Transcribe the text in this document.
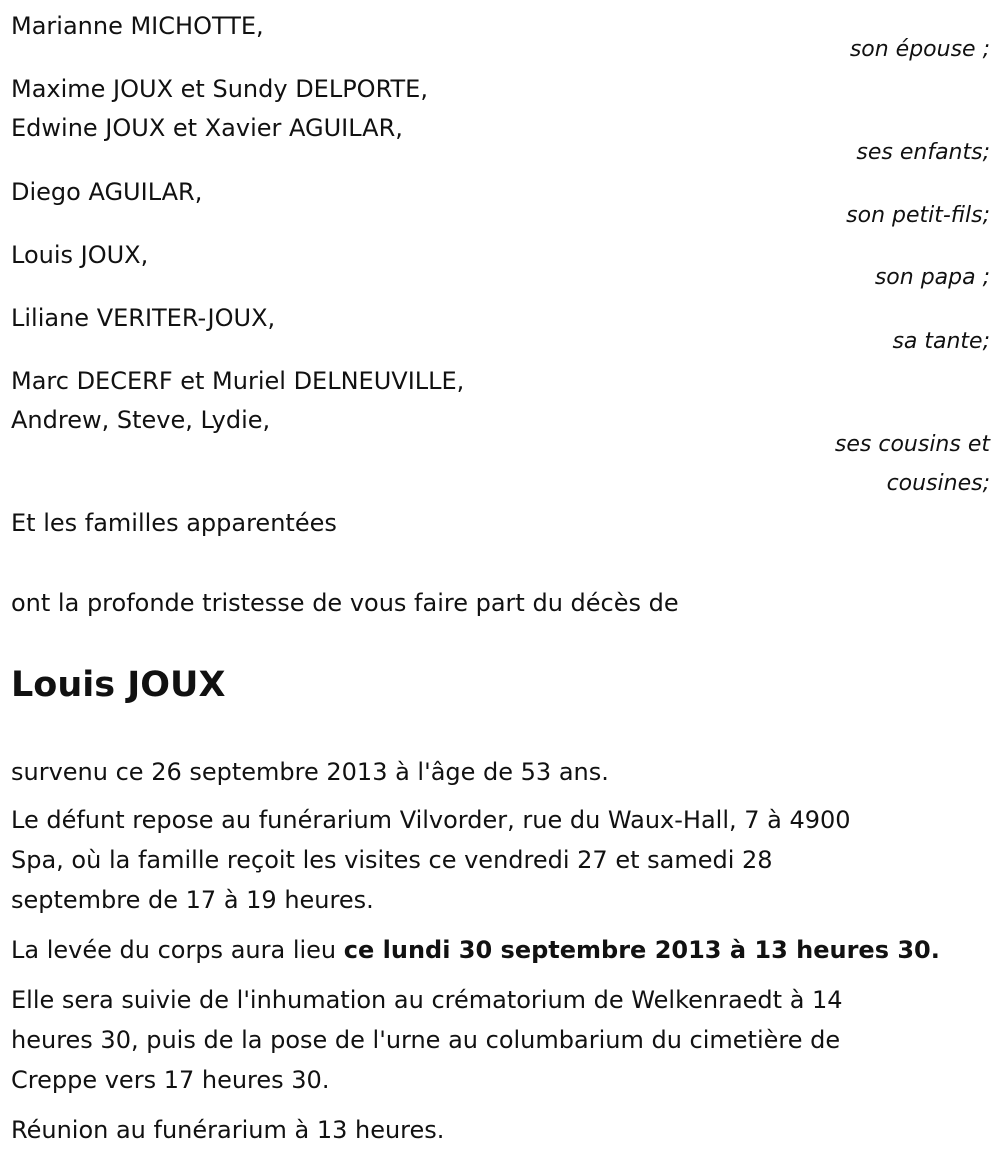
Marianne MICHOTTE,
son épouse ;
Maxime JOUX et Sundy DELPORTE,
Edwine JOUX et Xavier AGUILAR,
ses enfants;
Diego AGUILAR,
son petit-fils;
Louis JOUX,
son papa ;
Liliane VERITER-JOUX,
sa tante;
Marc DECERF et Muriel DELNEUVILLE,
Andrew, Steve, Lydie,
ses cousins et
cousines;
Et les familles apparentées
ont la profonde tristesse de vous faire part du décès de
Louis JOUX
survenu ce 26 septembre 2013 à l'âge de 53 ans.
Le défunt repose au funérarium Vilvorder, rue du Waux-Hall, 7 à 4900
Spa, où la famille reçoit les visites ce vendredi 27 et samedi 28
septembre de 17 à 19 heures.
La levée du corps aura lieu ce lundi 30 septembre 2013 à 13 heures 30.
Elle sera suivie de l'inhumation au crématorium de Welkenraedt à 14
heures 30, puis de la pose de l'urne au columbarium du cimetière de
Creppe vers 17 heures 30.
Réunion au funérarium à 13 heures.
